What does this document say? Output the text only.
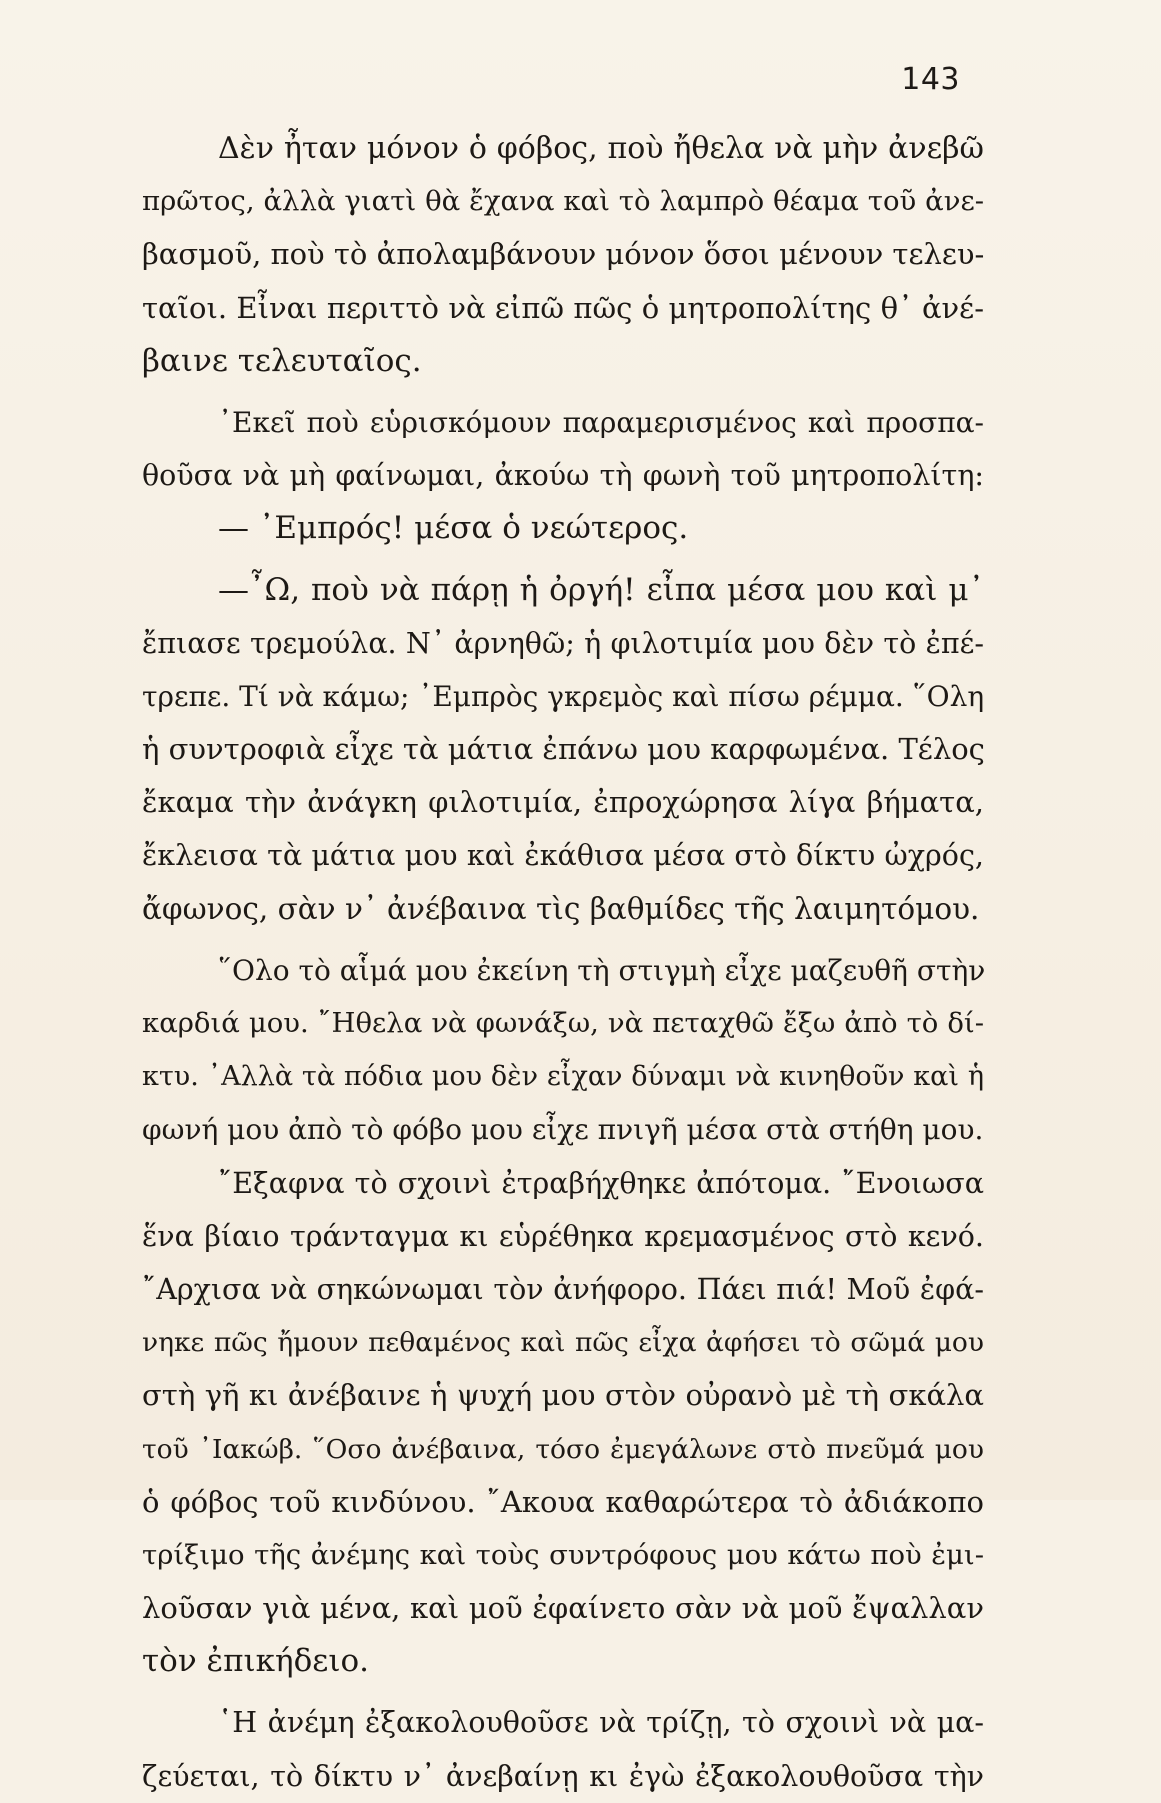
143
Δὲν ἦταν μόνον ὁ φόβος, ποὺ ἤθελα νὰ μὴν ἀνεβῶ
πρῶτος, ἀλλὰ γιατὶ θὰ ἔχανα καὶ τὸ λαμπρὸ θέαμα τοῦ ἀνε-
βασμοῦ, ποὺ τὸ ἀπολαμβάνουν μόνον ὅσοι μένουν τελευ-
ταῖοι. Εἶναι περιττὸ νὰ εἰπῶ πῶς ὁ μητροπολίτης θ᾿ ἀνέ-
βαινε τελευταῖος.
᾿Εκεῖ ποὺ εὑρισκόμουν παραμερισμένος καὶ προσπα-
θοῦσα νὰ μὴ φαίνωμαι, ἀκούω τὴ φωνὴ τοῦ μητροπολίτη:
— ᾿Εμπρός! μέσα ὁ νεώτερος.
—῏Ω, ποὺ νὰ πάρῃ ἡ ὀργή! εἶπα μέσα μου καὶ μ᾿
ἔπιασε τρεμούλα. Ν᾿ ἀρνηθῶ; ἡ φιλοτιμία μου δὲν τὸ ἐπέ-
τρεπε. Τί νὰ κάμω; ᾿Εμπρὸς γκρεμὸς καὶ πίσω ρέμμα. ῞Ολη
ἡ συντροφιὰ εἶχε τὰ μάτια ἐπάνω μου καρφωμένα. Τέλος
ἔκαμα τὴν ἀνάγκη φιλοτιμία, ἐπροχώρησα λίγα βήματα,
ἔκλεισα τὰ μάτια μου καὶ ἐκάθισα μέσα στὸ δίκτυ ὠχρός,
ἄφωνος, σὰν ν᾿ ἀνέβαινα τὶς βαθμίδες τῆς λαιμητόμου.
῞Ολο τὸ αἷμά μου ἐκείνη τὴ στιγμὴ εἶχε μαζευθῆ στὴν
καρδιά μου. ῎Ηθελα νὰ φωνάξω, νὰ πεταχθῶ ἔξω ἀπὸ τὸ δί-
κτυ. ᾿Αλλὰ τὰ πόδια μου δὲν εἶχαν δύναμι νὰ κινηθοῦν καὶ ἡ
φωνή μου ἀπὸ τὸ φόβο μου εἶχε πνιγῆ μέσα στὰ στήθη μου.
῎Εξαφνα τὸ σχοινὶ ἐτραβήχθηκε ἀπότομα. ῎Ενοιωσα
ἕνα βίαιο τράνταγμα κι εὑρέθηκα κρεμασμένος στὸ κενό.
῎Αρχισα νὰ σηκώνωμαι τὸν ἀνήφορο. Πάει πιά! Μοῦ ἐφά-
νηκε πῶς ἤμουν πεθαμένος καὶ πῶς εἶχα ἀφήσει τὸ σῶμά μου
στὴ γῆ κι ἀνέβαινε ἡ ψυχή μου στὸν οὐρανὸ μὲ τὴ σκάλα
τοῦ ᾿Ιακώβ. ῞Οσο ἀνέβαινα, τόσο ἐμεγάλωνε στὸ πνεῦμά μου
ὁ φόβος τοῦ κινδύνου. ῎Ακουα καθαρώτερα τὸ ἀδιάκοπο
τρίξιμο τῆς ἀνέμης καὶ τοὺς συντρόφους μου κάτω ποὺ ἐμι-
λοῦσαν γιὰ μένα, καὶ μοῦ ἐφαίνετο σὰν νὰ μοῦ ἔψαλλαν
τὸν ἐπικήδειο.
῾Η ἀνέμη ἐξακολουθοῦσε νὰ τρίζῃ, τὸ σχοινὶ νὰ μα-
ζεύεται, τὸ δίκτυ ν᾿ ἀνεβαίνῃ κι ἐγὼ ἐξακολουθοῦσα τὴν
